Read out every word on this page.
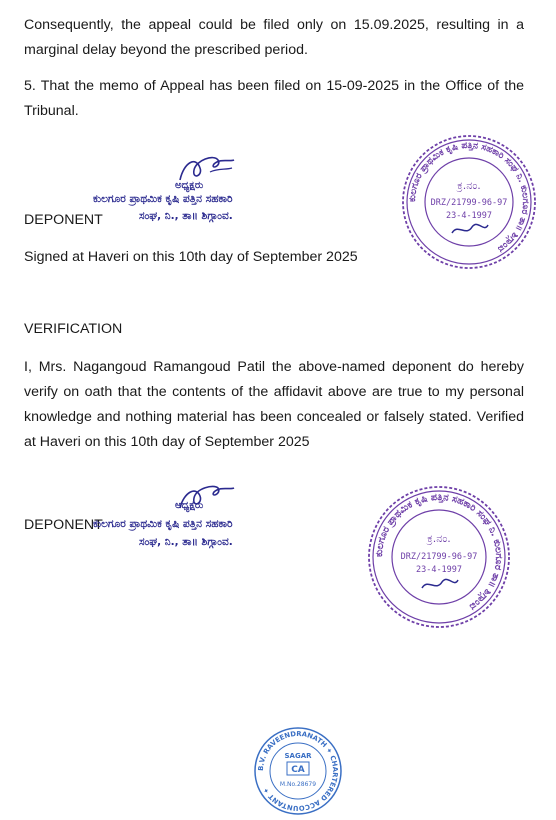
Consequently, the appeal could be filed only on 15.09.2025, resulting in a marginal delay beyond the prescribed period.

5. That the memo of Appeal has been filed on 15-09-2025 in the Office of the Tribunal.

ಅಧ್ಯಕ್ಷರು
ಕುಲಗೂರ ಪ್ರಾಥಮಿಕ ಕೃಷಿ ಪತ್ತಿನ ಸಹಕಾರಿ
ಸಂಘ, ನಿ., ತಾ॥ ಶಿಗ್ಗಾಂವ.
DEPONENT
ಕುಲಗೂರ ಪ್ರಾಥಮಿಕ ಕೃಷಿ ಪತ್ತಿನ ಸಹಕಾರಿ ಸಂಘ ನಿ. ಕುಲಗೂರ ತಾ॥ ಶಿಗ್ಗಾಂವ
ಕ್ರ.ನಂ.
DRZ/21799-96-97
23-4-1997
Signed at Haveri on this 10th day of September 2025
VERIFICATION

I, Mrs. Nagangoud Ramangoud Patil the above-named deponent do hereby verify on oath that the contents of the affidavit above are true to my personal knowledge and nothing material has been concealed or falsely stated. Verified at Haveri on this 10th day of September 2025

DEPONENT
ಅಧ್ಯಕ್ಷರು
ಕುಲಗೂರ ಪ್ರಾಥಮಿಕ ಕೃಷಿ ಪತ್ತಿನ ಸಹಕಾರಿ
ಸಂಘ, ನಿ., ತಾ॥ ಶಿಗ್ಗಾಂವ.
ಕುಲಗೂರ ಪ್ರಾಥಮಿಕ ಕೃಷಿ ಪತ್ತಿನ ಸಹಕಾರಿ ಸಂಘ ನಿ. ಕುಲಗೂರ ತಾ॥ ಶಿಗ್ಗಾಂವ
ಕ್ರ.ನಂ.
DRZ/21799-96-97
23-4-1997
B.V. RAVEENDRANATH ✦ CHARTERED ACCOUNTANT ✦
SAGAR
CA
M.No.28679
